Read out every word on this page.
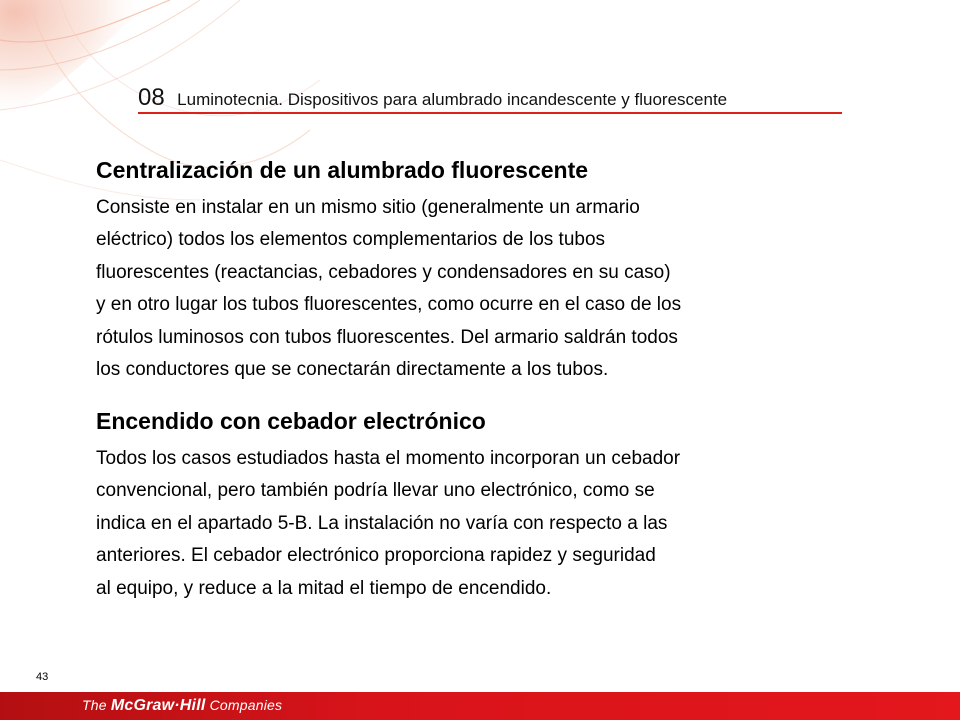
08 Luminotecnia. Dispositivos para alumbrado incandescente y fluorescente
Centralización de un alumbrado fluorescente
Consiste en instalar en un mismo sitio (generalmente un armario
eléctrico) todos los elementos complementarios de los tubos
fluorescentes (reactancias, cebadores y condensadores en su caso)
y en otro lugar los tubos fluorescentes, como ocurre en el caso de los
rótulos luminosos con tubos fluorescentes. Del armario saldrán todos
los conductores que se conectarán directamente a los tubos.
Encendido con cebador electrónico
Todos los casos estudiados hasta el momento incorporan un cebador
convencional, pero también podría llevar uno electrónico, como se
indica en el apartado 5-B. La instalación no varía con respecto a las
anteriores. El cebador electrónico proporciona rapidez y seguridad
al equipo, y reduce a la mitad el tiempo de encendido.
43
The McGraw·Hill Companies
